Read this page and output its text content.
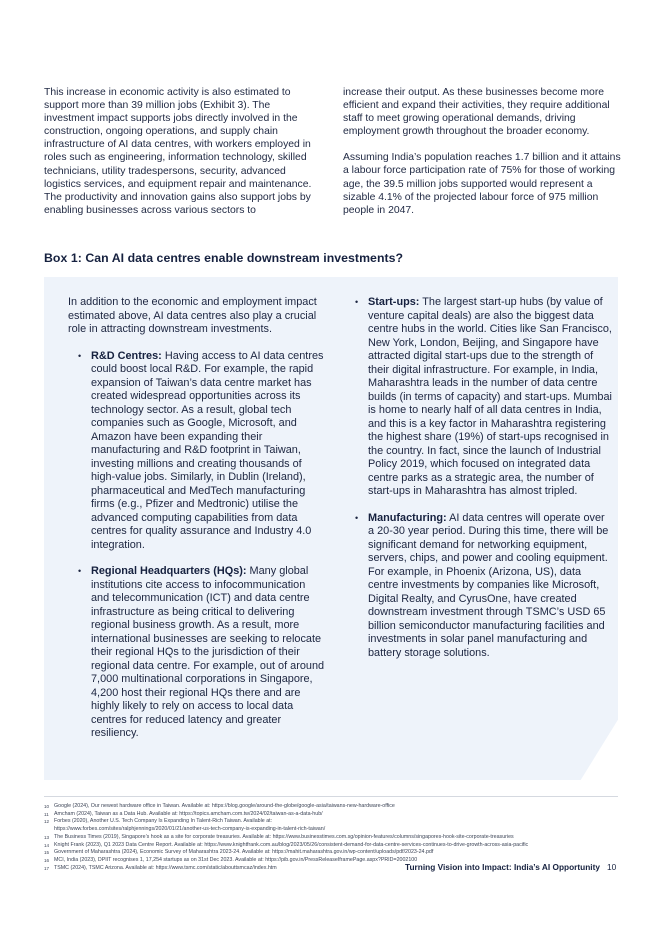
This increase in economic activity is also estimated to support more than 39 million jobs (Exhibit 3). The investment impact supports jobs directly involved in the construction, ongoing operations, and supply chain infrastructure of AI data centres, with workers employed in roles such as engineering, information technology, skilled technicians, utility tradespersons, security, advanced logistics services, and equipment repair and maintenance. The productivity and innovation gains also support jobs by enabling businesses across various sectors to

increase their output. As these businesses become more efficient and expand their activities, they require additional staff to meet growing operational demands, driving employment growth throughout the broader economy.

Assuming India’s population reaches 1.7 billion and it attains a labour force participation rate of 75% for those of working age, the 39.5 million jobs supported would represent a sizable 4.1% of the projected labour force of 975 million people in 2047.

Box 1: Can AI data centres enable downstream investments?

In addition to the economic and employment impact estimated above, AI data centres also play a crucial role in attracting downstream investments.

• R&D Centres: Having access to AI data centres could boost local R&D. For example, the rapid expansion of Taiwan’s data centre market has created widespread opportunities across its technology sector. As a result, global tech companies such as Google, Microsoft, and Amazon have been expanding their manufacturing and R&D footprint in Taiwan, investing millions and creating thousands of high-value jobs. Similarly, in Dublin (Ireland), pharmaceutical and MedTech manufacturing firms (e.g., Pfizer and Medtronic) utilise the advanced computing capabilities from data centres for quality assurance and Industry 4.0 integration.
• Regional Headquarters (HQs): Many global institutions cite access to infocommunication and telecommunication (ICT) and data centre infrastructure as being critical to delivering regional business growth. As a result, more international businesses are seeking to relocate their regional HQs to the jurisdiction of their regional data centre. For example, out of around 7,000 multinational corporations in Singapore, 4,200 host their regional HQs there and are highly likely to rely on access to local data centres for reduced latency and greater resiliency.
• Start-ups: The largest start-up hubs (by value of venture capital deals) are also the biggest data centre hubs in the world. Cities like San Francisco, New York, London, Beijing, and Singapore have attracted digital start-ups due to the strength of their digital infrastructure. For example, in India, Maharashtra leads in the number of data centre builds (in terms of capacity) and start-ups. Mumbai is home to nearly half of all data centres in India, and this is a key factor in Maharashtra registering the highest share (19%) of start-ups recognised in the country. In fact, since the launch of Industrial Policy 2019, which focused on integrated data centre parks as a strategic area, the number of start-ups in Maharashtra has almost tripled.
• Manufacturing: AI data centres will operate over a 20-30 year period. During this time, there will be significant demand for networking equipment, servers, chips, and power and cooling equipment. For example, in Phoenix (Arizona, US), data centre investments by companies like Microsoft, Digital Realty, and CyrusOne, have created downstream investment through TSMC’s USD 65 billion semiconductor manufacturing facilities and investments in solar panel manufacturing and battery storage solutions.
10 Google (2024), Our newest hardware office in Taiwan. Available at: https://blog.google/around-the-globe/google-asia/taiwans-new-hardware-office
11 Amcham (2024), Taiwan as a Data Hub. Available at: https://topics.amcham.com.tw/2024/02/taiwan-as-a-data-hub/
12 Forbes (2020), Another U.S. Tech Company Is Expanding In Talent-Rich Taiwan. Available at:
https://www.forbes.com/sites/ralphjennings/2020/01/21/another-us-tech-company-is-expanding-in-talent-rich-taiwan/
13 The Business Times (2019), Singapore’s hook as a site for corporate treasuries. Available at: https://www.businesstimes.com.sg/opinion-features/columns/singapores-hook-site-corporate-treasuries
14 Knight Frank (2023), Q1 2023 Data Centre Report. Available at: https://www.knightfrank.com.au/blog/2023/05/26/consistent-demand-for-data-centre-services-continues-to-drive-growth-across-asia-pacific
15 Government of Maharashtra (2024), Economic Survey of Maharashtra 2023-24. Available at: https://mahit.maharashtra.gov.in/wp-content/uploads/pdf/2023-24.pdf
16 MCI, India (2023), DPIIT recognises 1, 17,254 startups as on 31st Dec 2023. Available at: https://pib.gov.in/PressReleaseIframePage.aspx?PRID=2002100
17 TSMC (2024), TSMC Arizona. Available at: https://www.tsmc.com/static/abouttsmcaz/index.htm	Turning Vision into Impact: India’s AI Opportunity 10
